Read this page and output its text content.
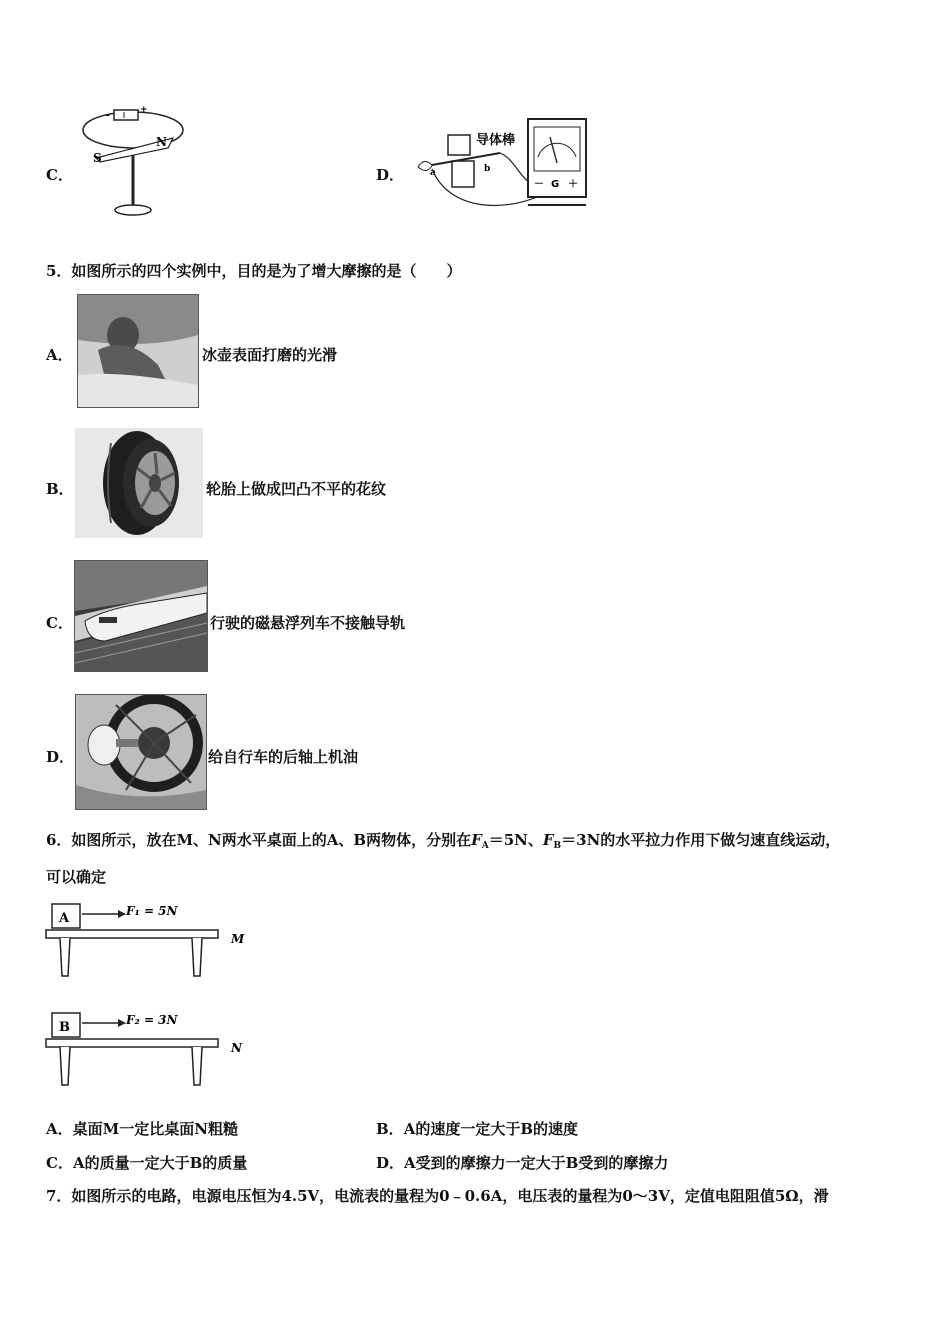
C．
+
-
N
S
D．
导体棒
a	b
－ G ＋
5．如图所示的四个实例中，目的是为了增大摩擦的是（　　）
A．	冰壶表面打磨的光滑
B．	轮胎上做成凹凸不平的花纹
C．	行驶的磁悬浮列车不接触导轨
D．	给自行车的后轴上机油
6．如图所示，放在M、N两水平桌面上的A、B两物体，分别在$F_A=5N$、$F_B=3N$的水平拉力作用下做匀速直线运动，
可以确定
A	F₁ = 5N
M
B	F₂ = 3N
N
A．桌面M一定比桌面N粗糙	B．A的速度一定大于B的速度
C．A的质量一定大于B的质量	D．A受到的摩擦力一定大于B受到的摩擦力
7．如图所示的电路，电源电压恒为4.5V，电流表的量程为0﹣0.6A，电压表的量程为0～3V，定值电阻阻值5Ω，滑
